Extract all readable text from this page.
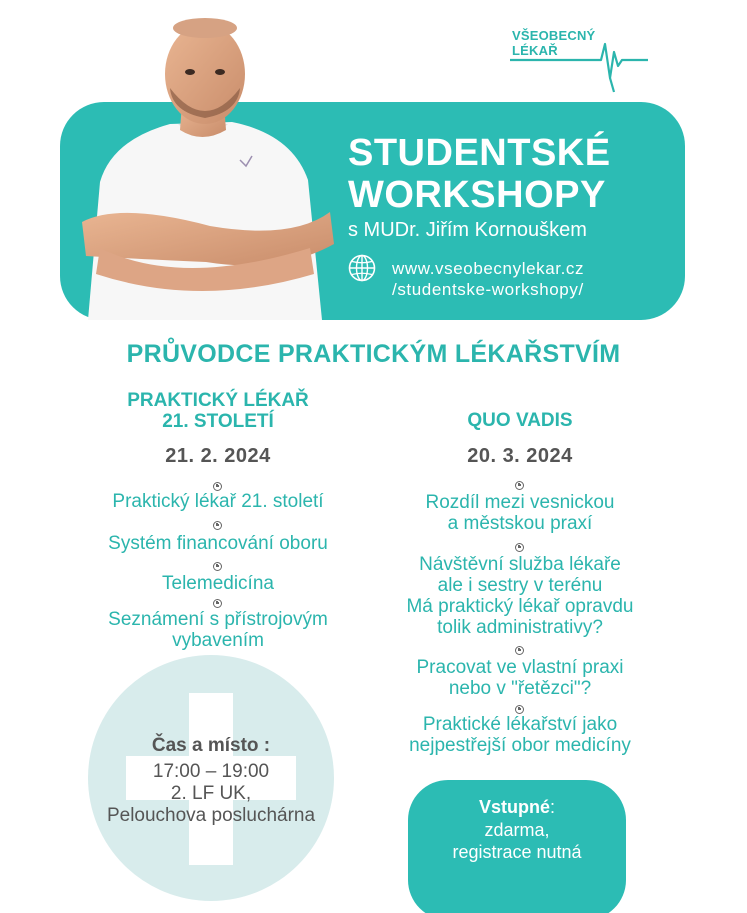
VŠEOBECNÝ
LÉKAŘ
STUDENTSKÉ
WORKSHOPY
s MUDr. Jiřím Kornouškem
www.vseobecnylekar.cz
/studentske-workshopy/
PRŮVODCE PRAKTICKÝM LÉKAŘSTVÍM
PRAKTICKÝ LÉKAŘ
21. STOLETÍ
21. 2. 2024
Praktický lékař 21. století
Systém financování oboru
Telemedicína
Seznámení s přístrojovým
vybavením
QUO VADIS
20. 3. 2024
Rozdíl mezi vesnickou
a městskou praxí
Návštěvní služba lékaře
ale i sestry v terénu
Má praktický lékař opravdu
tolik administrativy?
Pracovat ve vlastní praxi
nebo v "řetězci"?
Praktické lékařství jako
nejpestřejší obor medicíny
Čas a místo :
17:00 – 19:00
2. LF UK,
Pelouchova posluchárna	Vstupné:
zdarma,
registrace nutná
